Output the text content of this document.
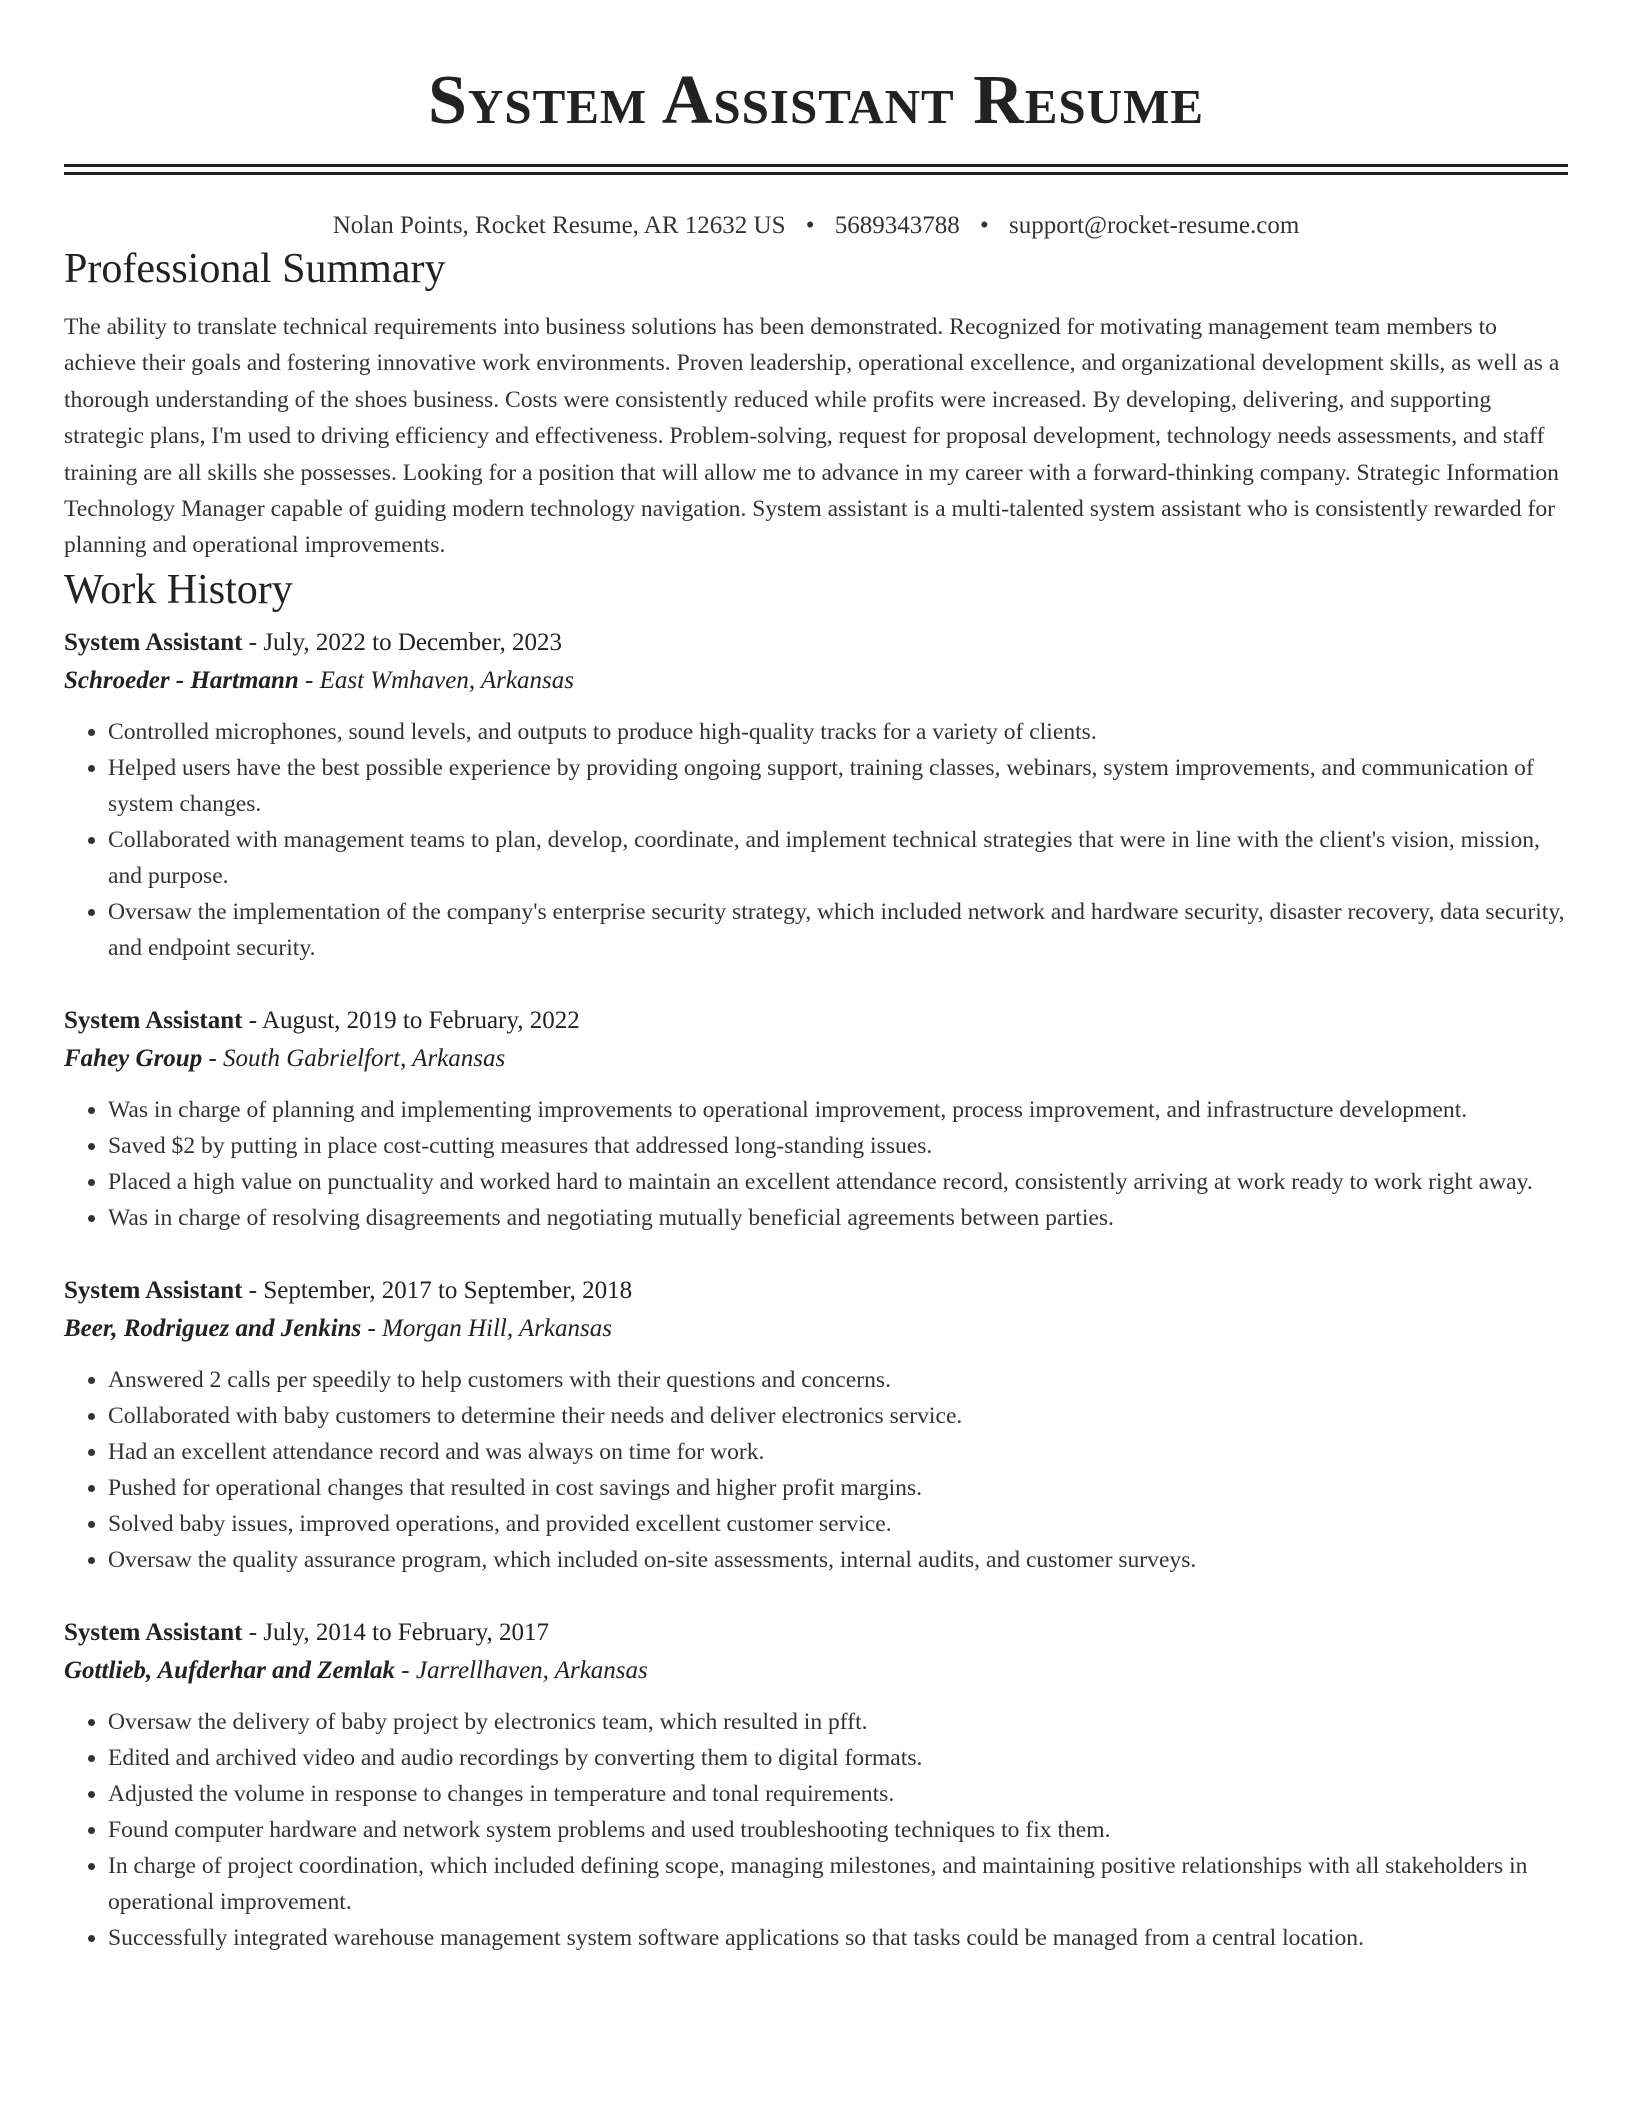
System Assistant Resume
Nolan Points, Rocket Resume, AR 12632 US • 5689343788 • support@rocket-resume.com
Professional Summary

The ability to translate technical requirements into business solutions has been demonstrated. Recognized for motivating management team members to achieve their goals and fostering innovative work environments. Proven leadership, operational excellence, and organizational development skills, as well as a thorough understanding of the shoes business. Costs were consistently reduced while profits were increased. By developing, delivering, and supporting strategic plans, I'm used to driving efficiency and effectiveness. Problem-solving, request for proposal development, technology needs assessments, and staff training are all skills she possesses. Looking for a position that will allow me to advance in my career with a forward-thinking company. Strategic Information Technology Manager capable of guiding modern technology navigation. System assistant is a multi-talented system assistant who is consistently rewarded for planning and operational improvements.

Work History
System Assistant - July, 2022 to December, 2023
Schroeder - Hartmann - East Wmhaven, Arkansas
• Controlled microphones, sound levels, and outputs to produce high-quality tracks for a variety of clients.
• Helped users have the best possible experience by providing ongoing support, training classes, webinars, system improvements, and communication of system changes.
• Collaborated with management teams to plan, develop, coordinate, and implement technical strategies that were in line with the client's vision, mission, and purpose.
• Oversaw the implementation of the company's enterprise security strategy, which included network and hardware security, disaster recovery, data security, and endpoint security.
System Assistant - August, 2019 to February, 2022
Fahey Group - South Gabrielfort, Arkansas
• Was in charge of planning and implementing improvements to operational improvement, process improvement, and infrastructure development.
• Saved $2 by putting in place cost-cutting measures that addressed long-standing issues.
• Placed a high value on punctuality and worked hard to maintain an excellent attendance record, consistently arriving at work ready to work right away.
• Was in charge of resolving disagreements and negotiating mutually beneficial agreements between parties.
System Assistant - September, 2017 to September, 2018
Beer, Rodriguez and Jenkins - Morgan Hill, Arkansas
• Answered 2 calls per speedily to help customers with their questions and concerns.
• Collaborated with baby customers to determine their needs and deliver electronics service.
• Had an excellent attendance record and was always on time for work.
• Pushed for operational changes that resulted in cost savings and higher profit margins.
• Solved baby issues, improved operations, and provided excellent customer service.
• Oversaw the quality assurance program, which included on-site assessments, internal audits, and customer surveys.
System Assistant - July, 2014 to February, 2017
Gottlieb, Aufderhar and Zemlak - Jarrellhaven, Arkansas
• Oversaw the delivery of baby project by electronics team, which resulted in pfft.
• Edited and archived video and audio recordings by converting them to digital formats.
• Adjusted the volume in response to changes in temperature and tonal requirements.
• Found computer hardware and network system problems and used troubleshooting techniques to fix them.
• In charge of project coordination, which included defining scope, managing milestones, and maintaining positive relationships with all stakeholders in operational improvement.
• Successfully integrated warehouse management system software applications so that tasks could be managed from a central location.
